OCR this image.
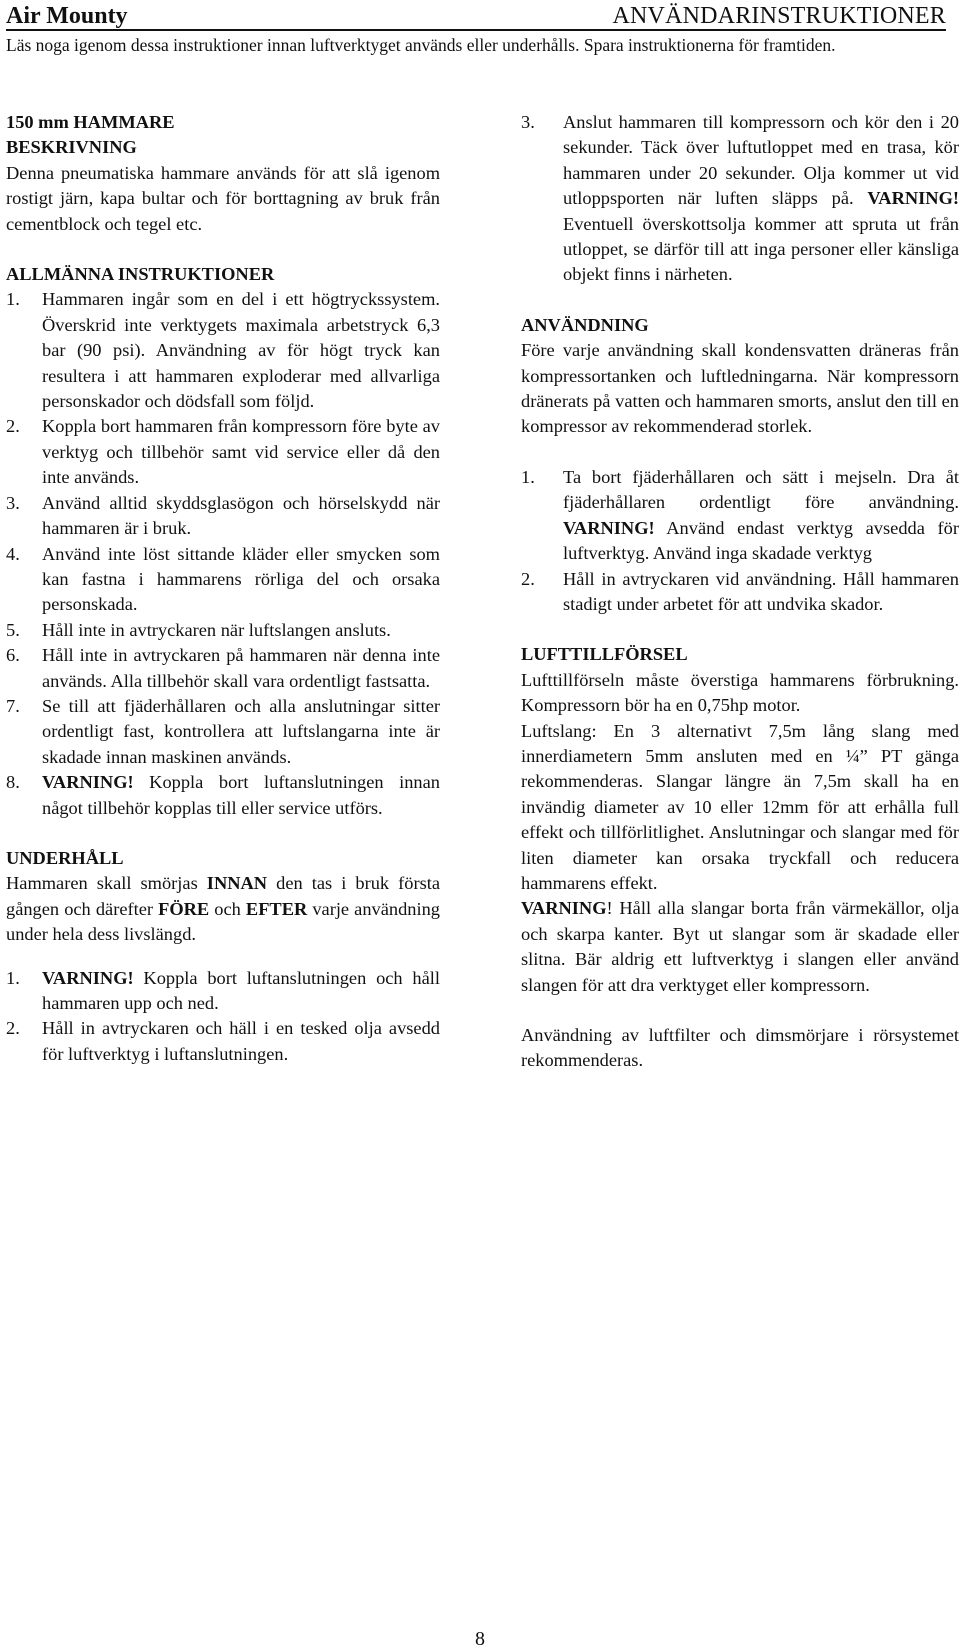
Air Mounty	ANVÄNDARINSTRUKTIONER
Läs noga igenom dessa instruktioner innan luftverktyget används eller underhålls. Spara instruktionerna för framtiden.
150 mm HAMMARE
BESKRIVNING
Denna pneumatiska hammare används för att slå igenom rostigt järn, kapa bultar och för borttagning av bruk från cementblock och tegel etc.
ALLMÄNNA INSTRUKTIONER
1.	Hammaren ingår som en del i ett högtryckssystem. Överskrid inte verktygets maximala arbetstryck 6,3 bar (90 psi). Användning av för högt tryck kan resultera i att hammaren exploderar med allvarliga personskador och dödsfall som följd.
2.	Koppla bort hammaren från kompressorn före byte av verktyg och tillbehör samt vid service eller då den inte används.
3.	Använd alltid skyddsglasögon och hörselskydd när hammaren är i bruk.
4.	Använd inte löst sittande kläder eller smycken som kan fastna i hammarens rörliga del och orsaka personskada.
5.	Håll inte in avtryckaren när luftslangen ansluts.
6.	Håll inte in avtryckaren på hammaren när denna inte används. Alla tillbehör skall vara ordentligt fastsatta.
7.	Se till att fjäderhållaren och alla anslutningar sitter ordentligt fast, kontrollera att luftslangarna inte är skadade innan maskinen används.
8.	VARNING! Koppla bort luftanslutningen innan något tillbehör kopplas till eller service utförs.
UNDERHÅLL
Hammaren skall smörjas INNAN den tas i bruk första gången och därefter FÖRE och EFTER varje användning under hela dess livslängd.
1.	VARNING! Koppla bort luftanslutningen och håll hammaren upp och ned.
2.	Håll in avtryckaren och häll i en tesked olja avsedd för luftverktyg i luftanslutningen.
3.	Anslut hammaren till kompressorn och kör den i 20 sekunder. Täck över luftutloppet med en trasa, kör hammaren under 20 sekunder. Olja kommer ut vid utloppsporten när luften släpps på. VARNING! Eventuell överskottsolja kommer att spruta ut från utloppet, se därför till att inga personer eller känsliga objekt finns i närheten.
ANVÄNDNING
Före varje användning skall kondensvatten dräneras från kompressortanken och luftledningarna. När kompressorn dränerats på vatten och hammaren smorts, anslut den till en kompressor av rekommenderad storlek.
1.	Ta bort fjäderhållaren och sätt i mejseln. Dra åt fjäderhållaren ordentligt före användning. VARNING! Använd endast verktyg avsedda för luftverktyg. Använd inga skadade verktyg
2.	Håll in avtryckaren vid användning. Håll hammaren stadigt under arbetet för att undvika skador.
LUFTTILLFÖRSEL
Lufttillförseln måste överstiga hammarens förbrukning. Kompressorn bör ha en 0,75hp motor.
Luftslang: En 3 alternativt 7,5m lång slang med innerdiametern 5mm ansluten med en ¼” PT gänga rekommenderas. Slangar längre än 7,5m skall ha en invändig diameter av 10 eller 12mm för att erhålla full effekt och tillförlitlighet. Anslutningar och slangar med för liten diameter kan orsaka tryckfall och reducera hammarens effekt.
VARNING! Håll alla slangar borta från värmekällor, olja och skarpa kanter. Byt ut slangar som är skadade eller slitna. Bär aldrig ett luftverktyg i slangen eller använd slangen för att dra verktyget eller kompressorn.
Användning av luftfilter och dimsmörjare i rörsystemet rekommenderas.
8
